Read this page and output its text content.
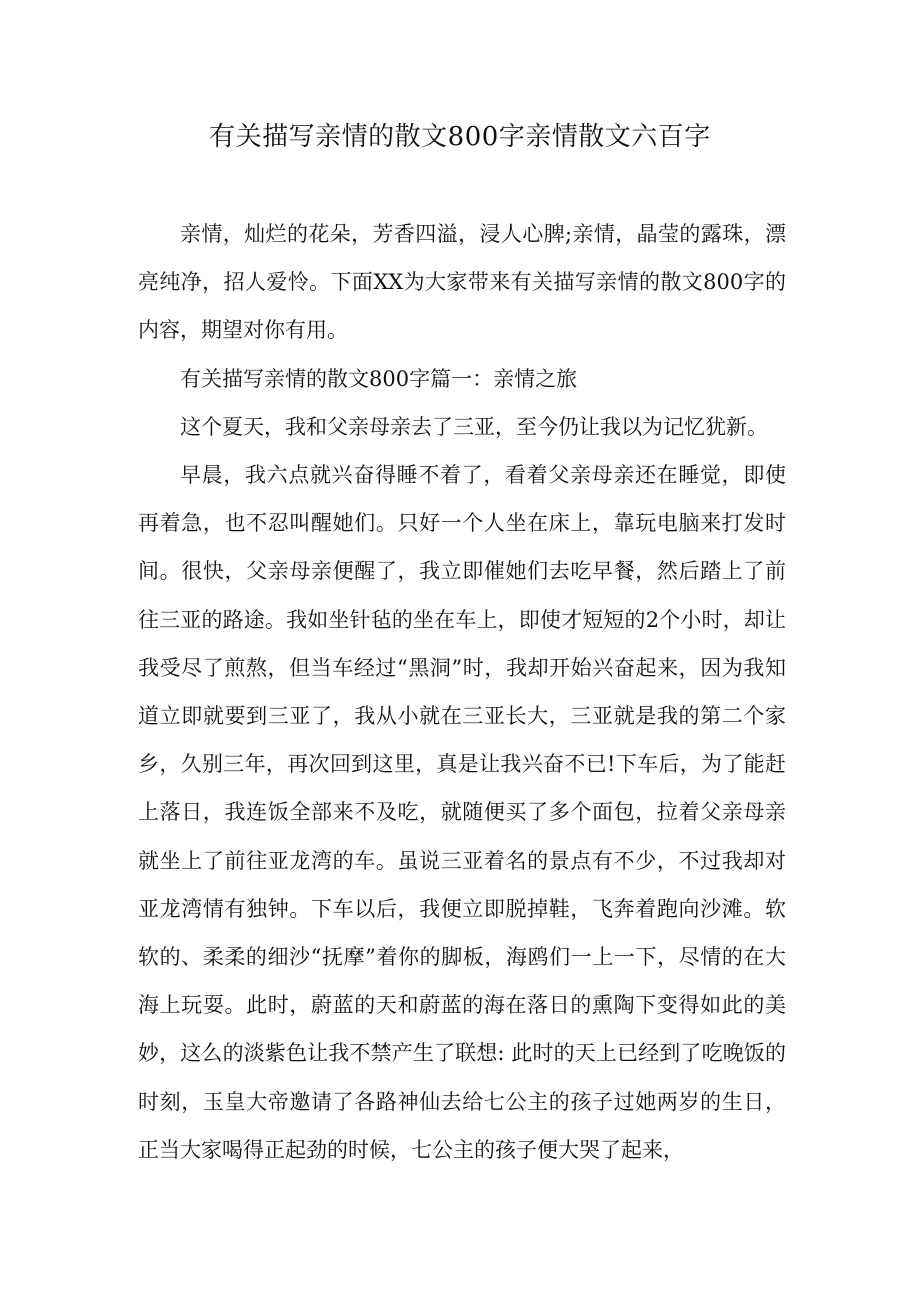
有关描写亲情的散文800字亲情散文六百字

亲情，灿烂的花朵，芳香四溢，浸人心脾;亲情，晶莹的露珠，漂亮纯净，招人爱怜。下面XX为大家带来有关描写亲情的散文800字的内容，期望对你有用。

有关描写亲情的散文800字篇一：亲情之旅

这个夏天，我和父亲母亲去了三亚，至今仍让我以为记忆犹新。

早晨，我六点就兴奋得睡不着了，看着父亲母亲还在睡觉，即使再着急，也不忍叫醒她们。只好一个人坐在床上，靠玩电脑来打发时间。很快，父亲母亲便醒了，我立即催她们去吃早餐，然后踏上了前往三亚的路途。我如坐针毡的坐在车上，即使才短短的2个小时，却让我受尽了煎熬，但当车经过“黑洞”时，我却开始兴奋起来，因为我知道立即就要到三亚了，我从小就在三亚长大，三亚就是我的第二个家乡，久别三年，再次回到这里，真是让我兴奋不已!下车后，为了能赶上落日，我连饭全部来不及吃，就随便买了多个面包，拉着父亲母亲就坐上了前往亚龙湾的车。虽说三亚着名的景点有不少，不过我却对亚龙湾情有独钟。下车以后，我便立即脱掉鞋，飞奔着跑向沙滩。软软的、柔柔的细沙“抚摩”着你的脚板，海鸥们一上一下，尽情的在大海上玩耍。此时，蔚蓝的天和蔚蓝的海在落日的熏陶下变得如此的美妙，这么的淡紫色让我不禁产生了联想: 此时的天上已经到了吃晚饭的时刻，玉皇大帝邀请了各路神仙去给七公主的孩子过她两岁的生日，正当大家喝得正起劲的时候，七公主的孩子便大哭了起来，
